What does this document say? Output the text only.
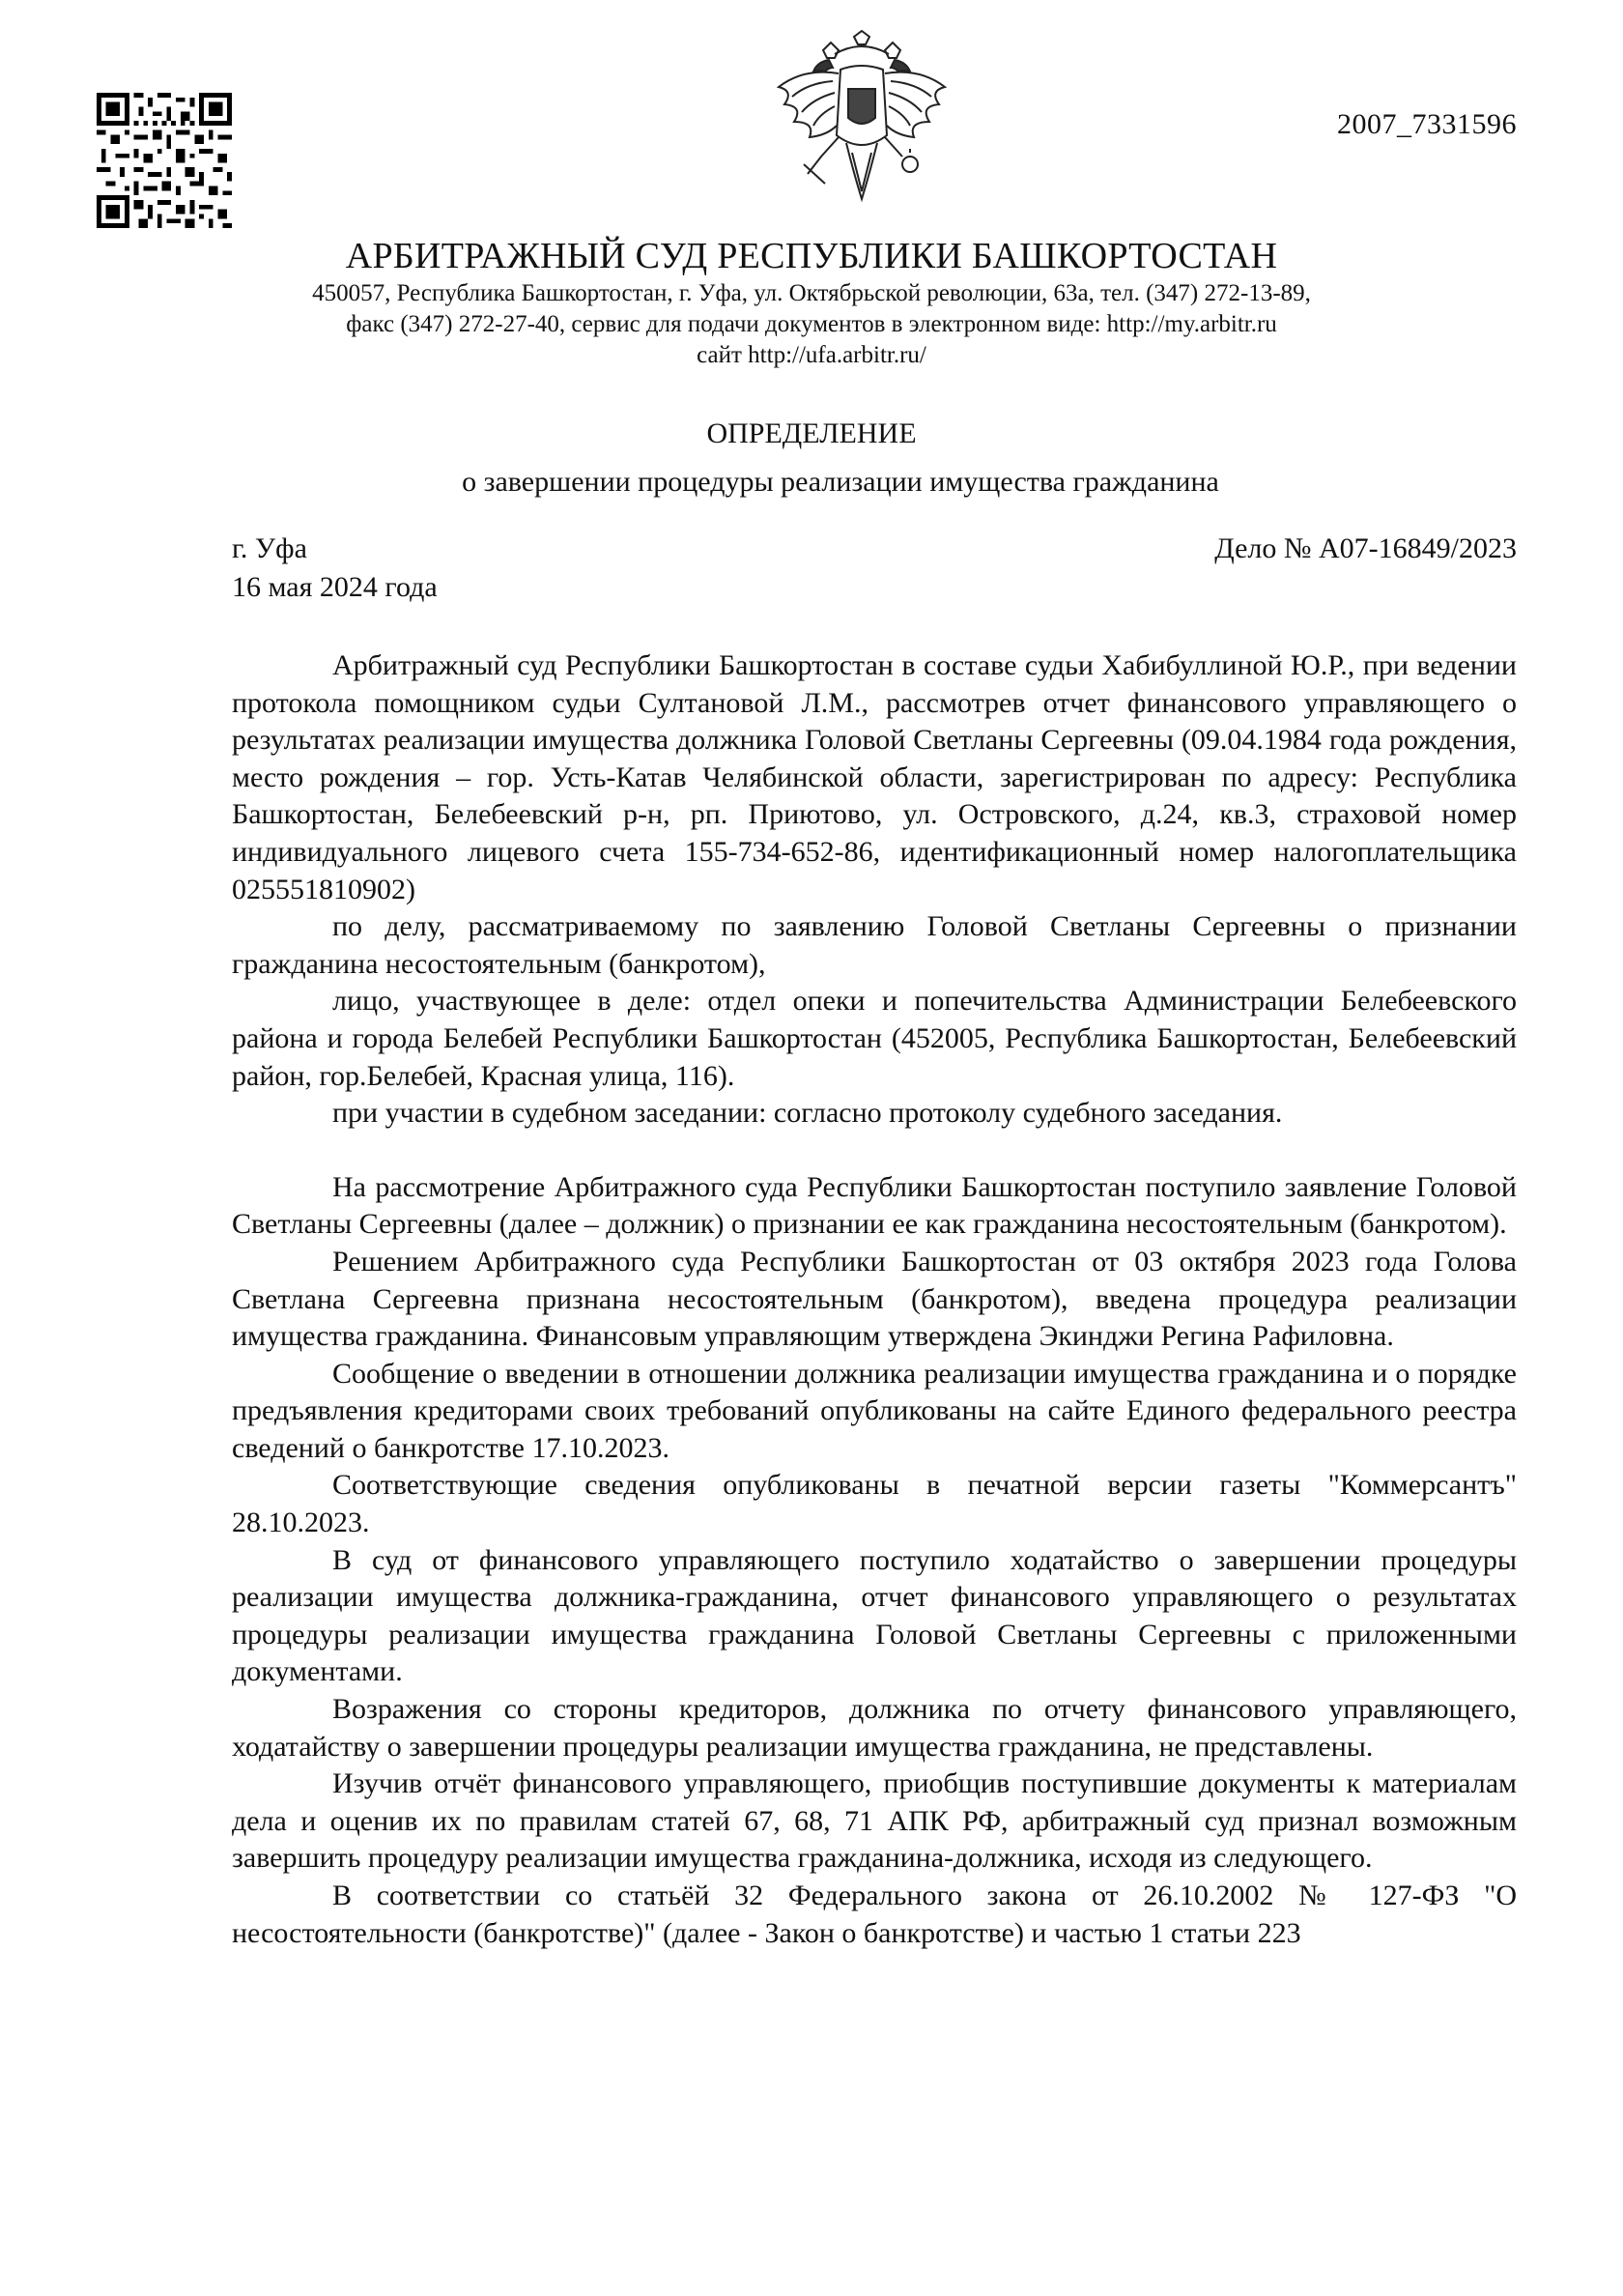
2007_7331596
АРБИТРАЖНЫЙ СУД РЕСПУБЛИКИ БАШКОРТОСТАН
450057, Республика Башкортостан, г. Уфа, ул. Октябрьской революции, 63а, тел. (347) 272-13-89,
факс (347) 272-27-40, сервис для подачи документов в электронном виде: http://my.arbitr.ru
сайт http://ufa.arbitr.ru/
ОПРЕДЕЛЕНИЕ
о завершении процедуры реализации имущества гражданина
г. Уфа
16 мая 2024 года
Дело № А07-16849/2023

Арбитражный суд Республики Башкортостан в составе судьи Хабибуллиной Ю.Р., при ведении протокола помощником судьи Султановой Л.М., рассмотрев отчет финансового управляющего о результатах реализации имущества должника Головой Светланы Сергеевны (09.04.1984 года рождения, место рождения – гор. Усть-Катав Челябинской области, зарегистрирован по адресу: Республика Башкортостан, Белебеевский р-н, рп. Приютово, ул. Островского, д.24, кв.3, страховой номер индивидуального лицевого счета 155-734-652-86, идентификационный номер налогоплательщика 025551810902)

по делу, рассматриваемому по заявлению Головой Светланы Сергеевны о признании гражданина несостоятельным (банкротом),

лицо, участвующее в деле: отдел опеки и попечительства Администрации Белебеевского района и города Белебей Республики Башкортостан (452005, Республика Башкортостан, Белебеевский район, гор.Белебей, Красная улица, 116).

при участии в судебном заседании: согласно протоколу судебного заседания.

На рассмотрение Арбитражного суда Республики Башкортостан поступило заявление Головой Светланы Сергеевны (далее – должник) о признании ее как гражданина несостоятельным (банкротом).

Решением Арбитражного суда Республики Башкортостан от 03 октября 2023 года Голова Светлана Сергеевна признана несостоятельным (банкротом), введена процедура реализации имущества гражданина. Финансовым управляющим утверждена Экинджи Регина Рафиловна.

Сообщение о введении в отношении должника реализации имущества гражданина и о порядке предъявления кредиторами своих требований опубликованы на сайте Единого федерального реестра сведений о банкротстве 17.10.2023.

Соответствующие сведения опубликованы в печатной версии газеты "Коммерсантъ" 28.10.2023.

В суд от финансового управляющего поступило ходатайство о завершении процедуры реализации имущества должника-гражданина, отчет финансового управляющего о результатах процедуры реализации имущества гражданина Головой Светланы Сергеевны с приложенными документами.

Возражения со стороны кредиторов, должника по отчету финансового управляющего, ходатайству о завершении процедуры реализации имущества гражданина, не представлены.

Изучив отчёт финансового управляющего, приобщив поступившие документы к материалам дела и оценив их по правилам статей 67, 68, 71 АПК РФ, арбитражный суд признал возможным завершить процедуру реализации имущества гражданина-должника, исходя из следующего.

В соответствии со статьёй 32 Федерального закона от 26.10.2002 № 127-ФЗ "О несостоятельности (банкротстве)" (далее - Закон о банкротстве) и частью 1 статьи 223
